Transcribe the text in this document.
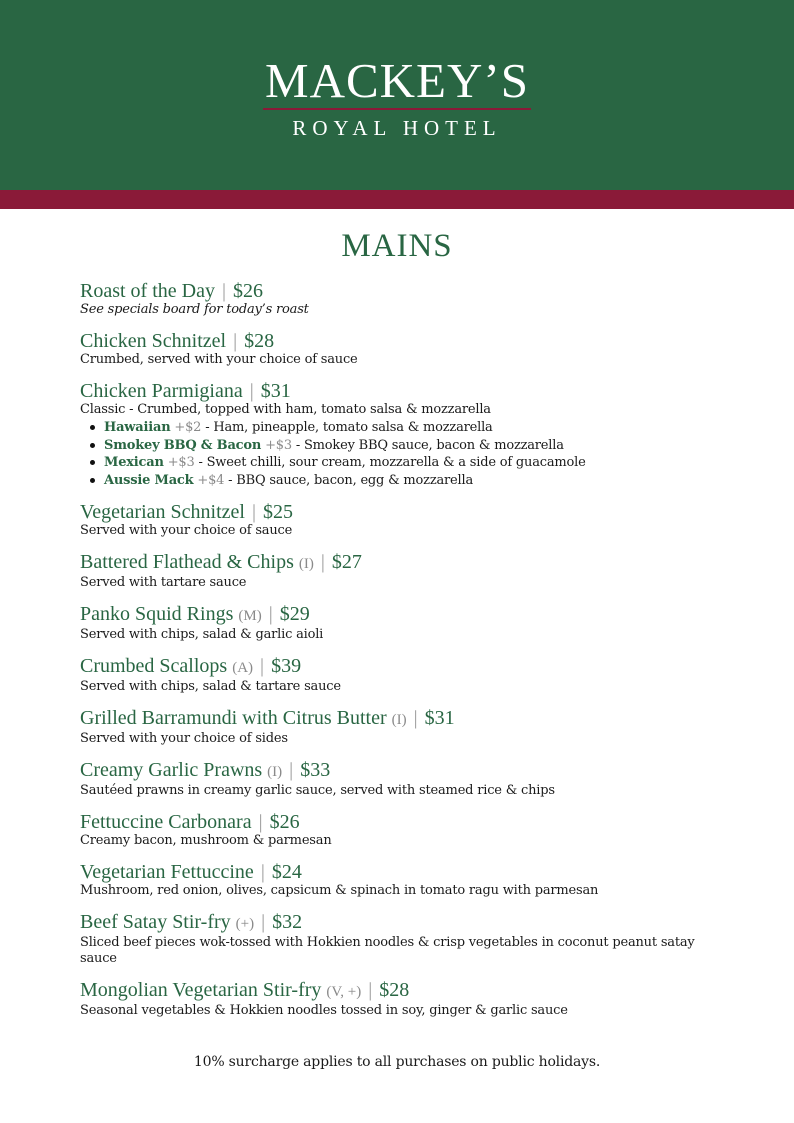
MACKEY’S
ROYAL HOTEL
MAINS
Roast of the Day | $26
See specials board for today’s roast
Chicken Schnitzel | $28
Crumbed, served with your choice of sauce
Chicken Parmigiana | $31
Classic - Crumbed, topped with ham, tomato salsa & mozzarella
Hawaiian +$2 - Ham, pineapple, tomato salsa & mozzarella
Smokey BBQ & Bacon +$3 - Smokey BBQ sauce, bacon & mozzarella
Mexican +$3 - Sweet chilli, sour cream, mozzarella & a side of guacamole
Aussie Mack +$4 - BBQ sauce, bacon, egg & mozzarella
Vegetarian Schnitzel | $25
Served with your choice of sauce
Battered Flathead & Chips (I) | $27
Served with tartare sauce
Panko Squid Rings (M) | $29
Served with chips, salad & garlic aioli
Crumbed Scallops (A) | $39
Served with chips, salad & tartare sauce
Grilled Barramundi with Citrus Butter (I) | $31
Served with your choice of sides
Creamy Garlic Prawns (I) | $33
Sautéed prawns in creamy garlic sauce, served with steamed rice & chips
Fettuccine Carbonara | $26
Creamy bacon, mushroom & parmesan
Vegetarian Fettuccine | $24
Mushroom, red onion, olives, capsicum & spinach in tomato ragu with parmesan
Beef Satay Stir-fry (+) | $32
Sliced beef pieces wok-tossed with Hokkien noodles & crisp vegetables in coconut peanut satay sauce
Mongolian Vegetarian Stir-fry (V, +) | $28
Seasonal vegetables & Hokkien noodles tossed in soy, ginger & garlic sauce
10% surcharge applies to all purchases on public holidays.
